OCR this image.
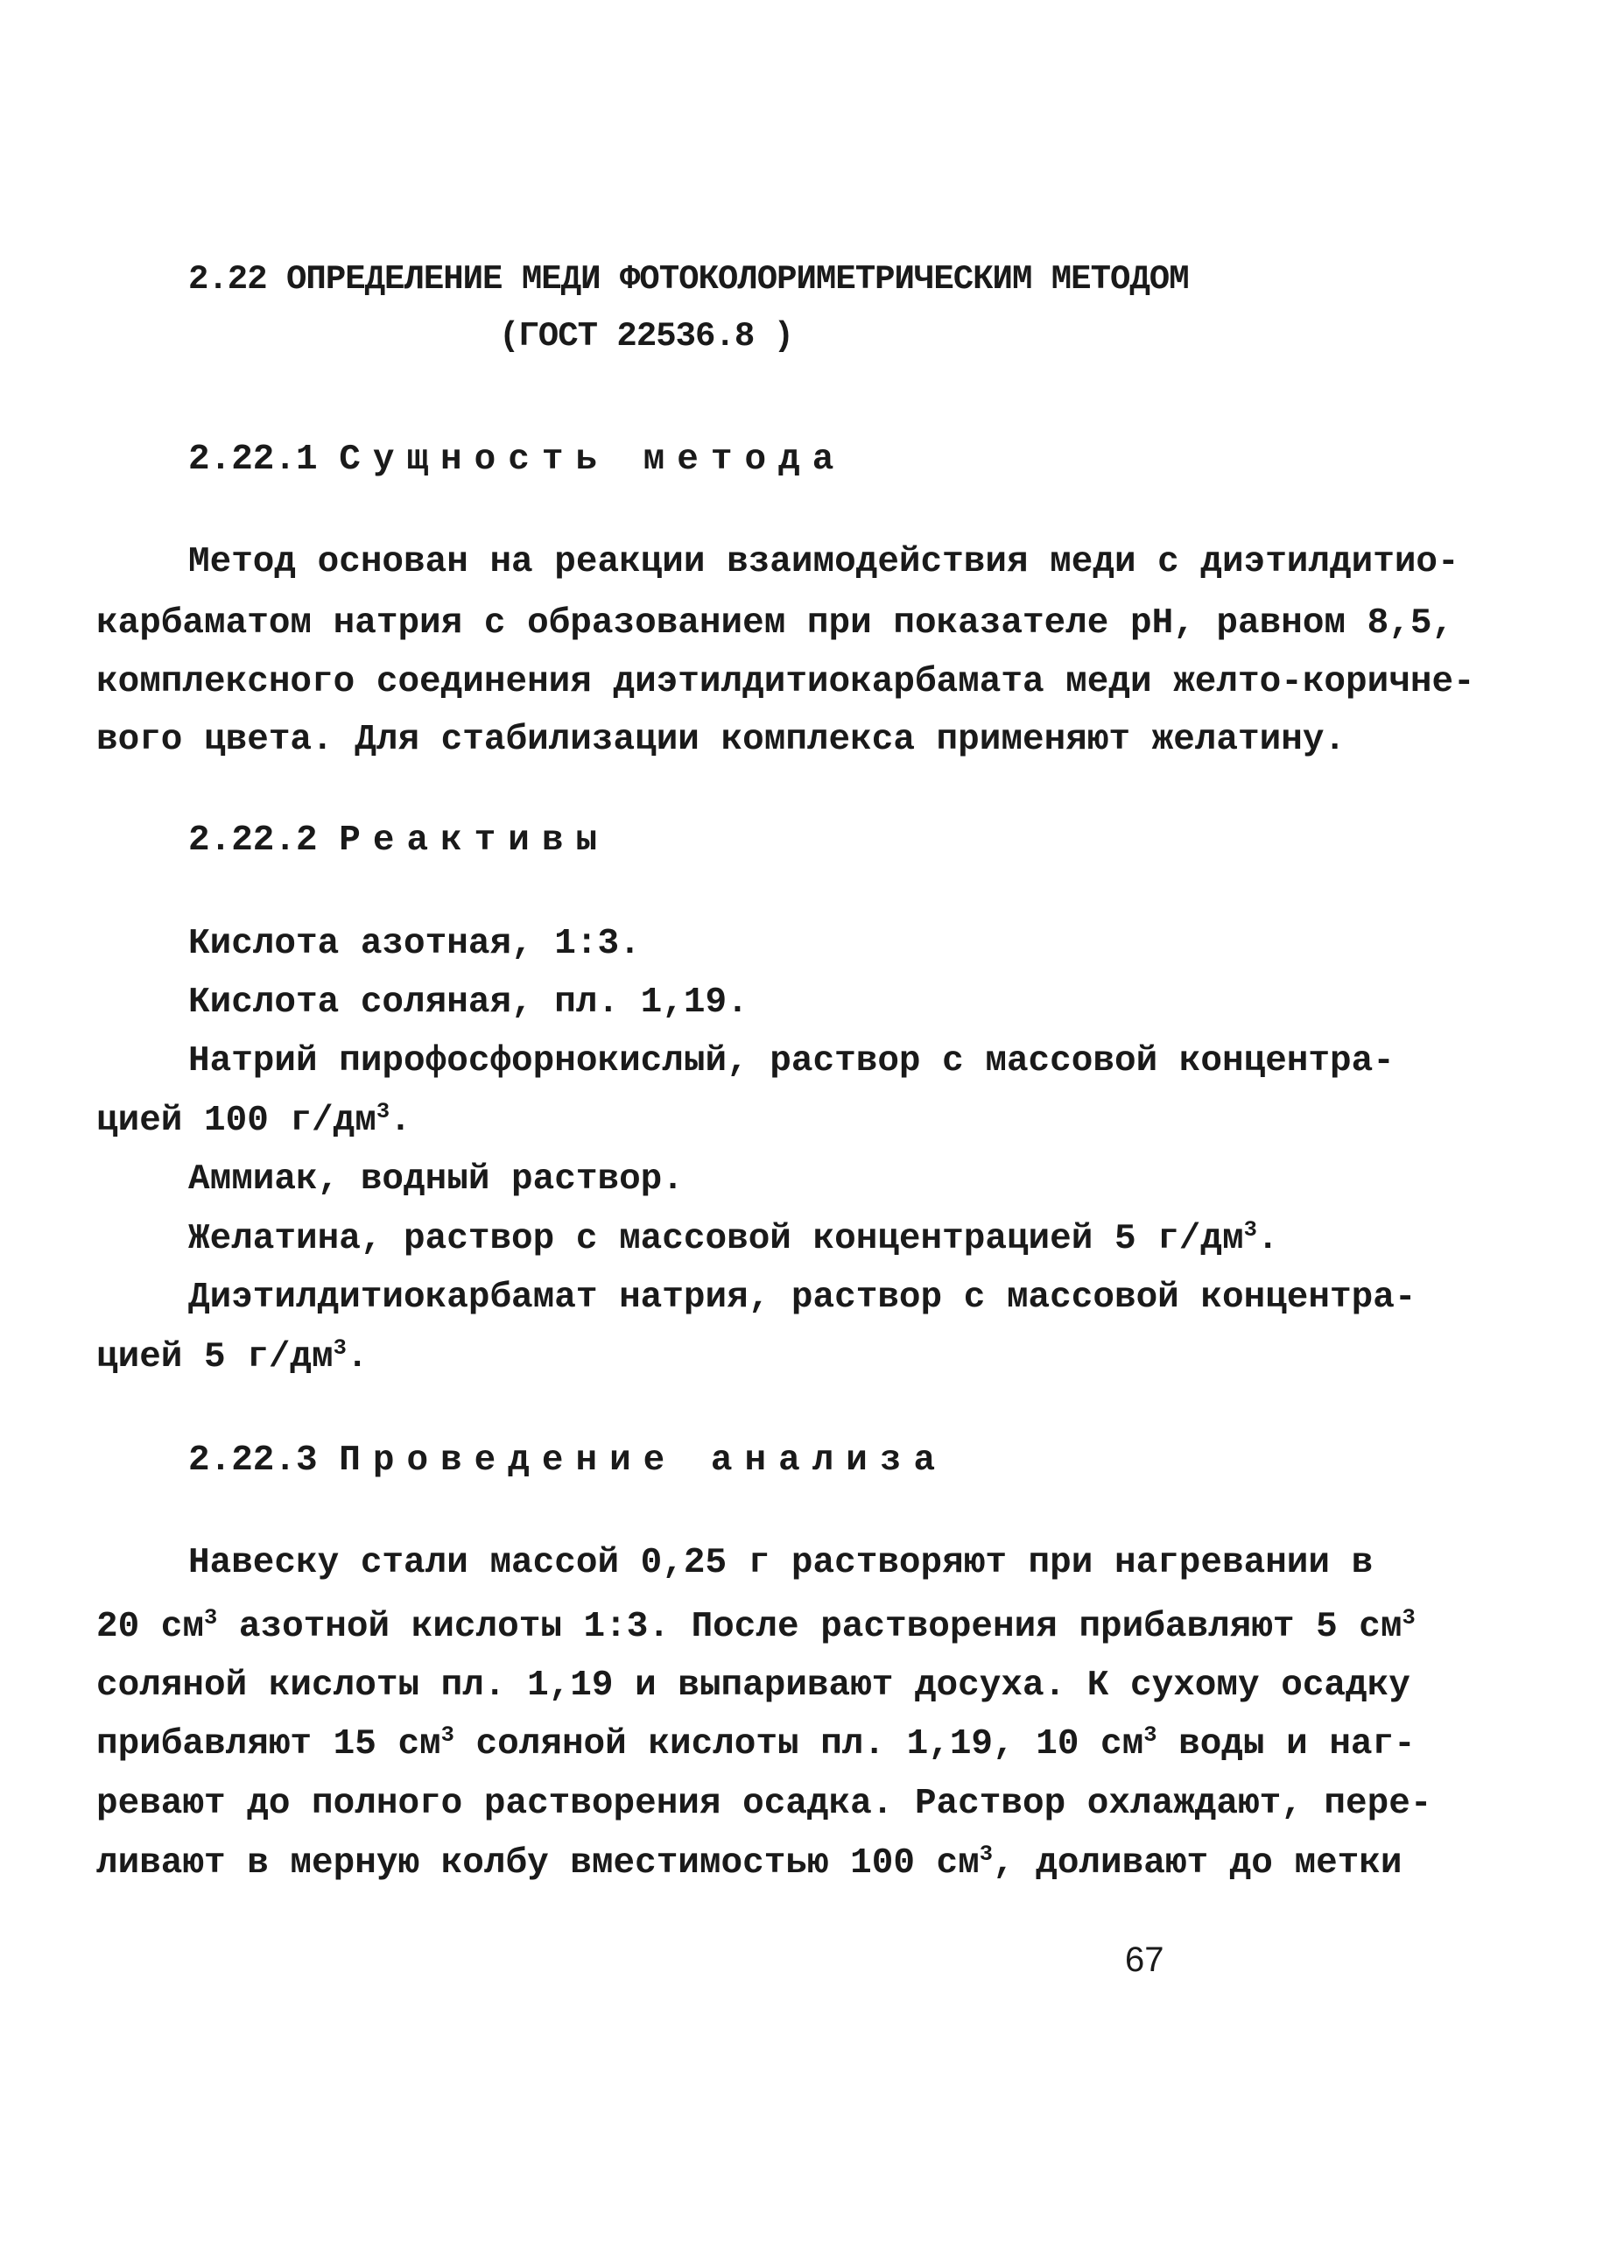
2.22 ОПРЕДЕЛЕНИЕ МЕДИ ФОТОКОЛОРИМЕТРИЧЕСКИМ МЕТОДОМ
(ГОСТ 22536.8 )
2.22.1 Сущность метода
Метод основан на реакции взаимодействия меди с диэтилдитио-
карбаматом натрия с образованием при показателе pH, равном 8,5,
комплексного соединения диэтилдитиокарбамата меди желто-коричне-
вого цвета. Для стабилизации комплекса применяют желатину.
2.22.2 Реактивы
Кислота азотная, 1:3.
Кислота соляная, пл. 1,19.
Натрий пирофосфорнокислый, раствор с массовой концентра-
цией 100 $г/дм^3$.
Аммиак, водный раствор.
Желатина, раствор с массовой концентрацией 5 $г/дм^3$.
Диэтилдитиокарбамат натрия, раствор с массовой концентра-
цией 5 $г/дм^3$.
2.22.3 Проведение анализа
Навеску стали массой 0,25 г растворяют при нагревании в
20 $см^3$ азотной кислоты 1:3. После растворения прибавляют 5 $см^3$
соляной кислоты пл. 1,19 и выпаривают досуха. К сухому осадку
прибавляют 15 $см^3$ соляной кислоты пл. 1,19, 10 $см^3$ воды и наг-
ревают до полного растворения осадка. Раствор охлаждают, пере-
ливают в мерную колбу вместимостью 100 $см^3$, доливают до метки
67
